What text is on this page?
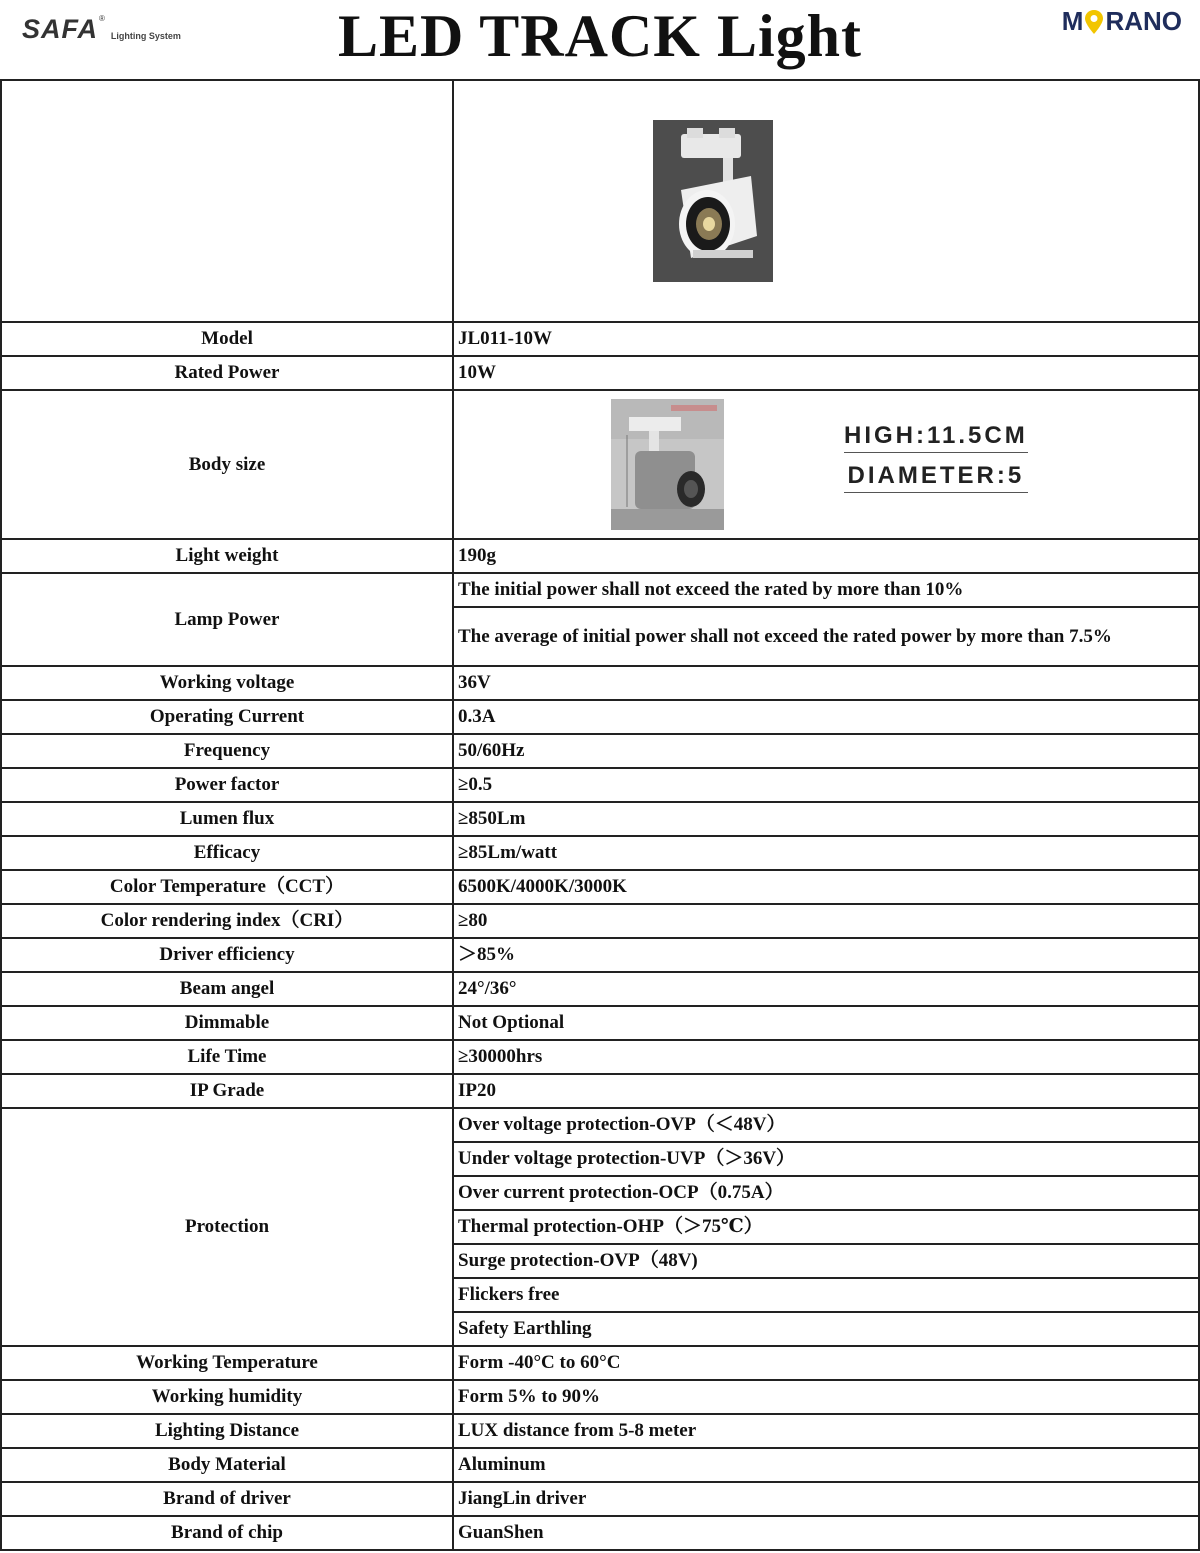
SAFA ®
Lighting System	LED TRACK Light	M RANO

Model	JL011-10W
Rated Power	10W
Body size	HIGH:11.5CM
DIAMETER:5

Light weight	190g
Lamp Power	The initial power shall not exceed the rated by more than 10%
	The average of initial power shall not exceed the rated power by more than 7.5%
Working voltage	36V
Operating Current	0.3A
Frequency	50/60Hz
Power factor	≥0.5
Lumen flux	≥850Lm
Efficacy	≥85Lm/watt
Color Temperature（CCT）	6500K/4000K/3000K
Color rendering index（CRI）	≥80
Driver efficiency	＞85%
Beam angel	24°/36°
Dimmable	Not Optional
Life Time	≥30000hrs
IP Grade	IP20
Protection	Over voltage protection-OVP（＜48V）
	Under voltage protection-UVP（＞36V）
	Over current protection-OCP（0.75A）
	Thermal protection-OHP（＞75℃）
	Surge protection-OVP（48V)
	Flickers free
	Safety Earthling
Working Temperature	Form -40°C to 60°C
Working humidity	Form 5% to 90%
Lighting Distance	LUX distance from 5-8 meter
Body Material	Aluminum
Brand of driver	JiangLin driver
Brand of chip	GuanShen
